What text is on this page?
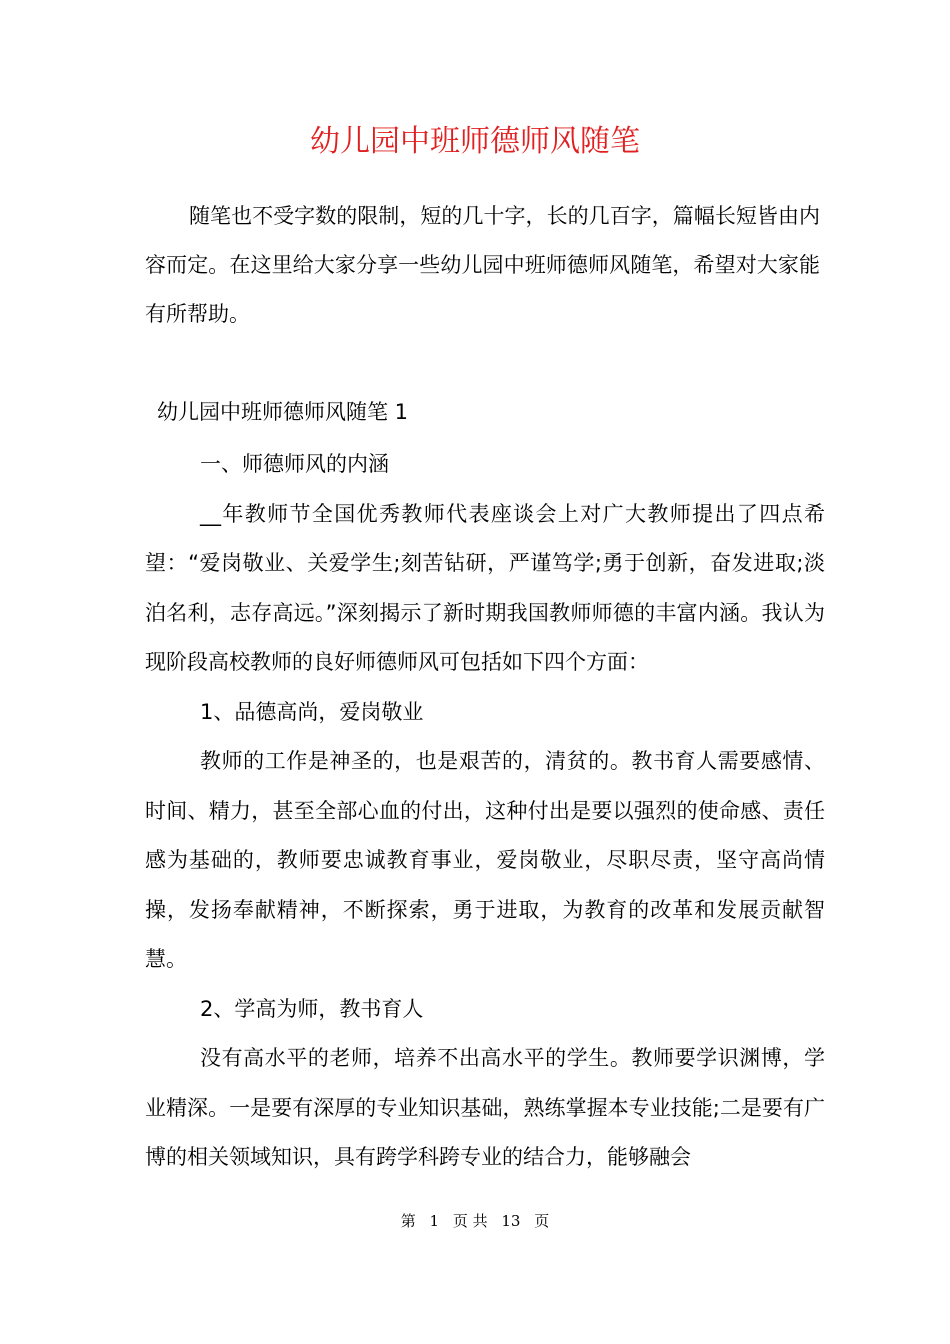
幼儿园中班师德师风随笔

随笔也不受字数的限制，短的几十字，长的几百字，篇幅长短皆由内容而定。在这里给大家分享一些幼儿园中班师德师风随笔，希望对大家能有所帮助。

幼儿园中班师德师风随笔 1

一、师德师风的内涵

__年教师节全国优秀教师代表座谈会上对广大教师提出了四点希望：“爱岗敬业、关爱学生;刻苦钻研，严谨笃学;勇于创新，奋发进取;淡泊名利，志存高远。”深刻揭示了新时期我国教师师德的丰富内涵。我认为现阶段高校教师的良好师德师风可包括如下四个方面：

1、品德高尚，爱岗敬业

教师的工作是神圣的，也是艰苦的，清贫的。教书育人需要感情、时间、精力，甚至全部心血的付出，这种付出是要以强烈的使命感、责任感为基础的，教师要忠诚教育事业，爱岗敬业，尽职尽责，坚守高尚情操，发扬奉献精神，不断探索，勇于进取，为教育的改革和发展贡献智慧。

2、学高为师，教书育人

没有高水平的老师，培养不出高水平的学生。教师要学识渊博，学业精深。一是要有深厚的专业知识基础，熟练掌握本专业技能;二是要有广博的相关领域知识，具有跨学科跨专业的结合力，能够融会

第 1 页 共 13 页
